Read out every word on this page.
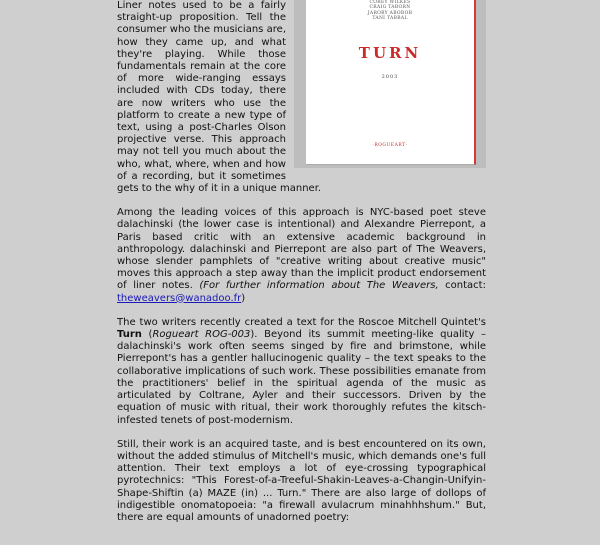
COREY WILKES
CRAIG TABORN
JAROBY ABOBOB
TANI TABBAL
TURN
2003
·ROGUEART·

Liner notes used to be a fairly straight-up proposition. Tell the consumer who the musicians are, how they came up, and what they're playing. While those fundamentals remain at the core of more wide-ranging essays included with CDs today, there are now writers who use the platform to create a new type of text, using a post-Charles Olson projective verse. This approach may not tell you much about the who, what, where, when and how of a recording, but it sometimes gets to the why of it in a unique manner.

Among the leading voices of this approach is NYC-based poet steve dalachinski (the lower case is intentional) and Alexandre Pierrepont, a Paris based critic with an extensive academic background in anthropology. dalachinski and Pierrepont are also part of The Weavers, whose slender pamphlets of "creative writing about creative music" moves this approach a step away than the implicit product endorsement of liner notes. (For further information about The Weavers, contact: theweavers@wanadoo.fr)

The two writers recently created a text for the Roscoe Mitchell Quintet's Turn (Rogueart ROG-003). Beyond its summit meeting-like quality – dalachinski's work often seems singed by fire and brimstone, while Pierrepont's has a gentler hallucinogenic quality – the text speaks to the collaborative implications of such work. These possibilities emanate from the practitioners' belief in the spiritual agenda of the music as articulated by Coltrane, Ayler and their successors. Driven by the equation of music with ritual, their work thoroughly refutes the kitsch-infested tenets of post-modernism.

Still, their work is an acquired taste, and is best encountered on its own, without the added stimulus of Mitchell's music, which demands one's full attention. Their text employs a lot of eye-crossing typographical pyrotechnics: "This Forest-of-a-Treeful-Shakin-Leaves-a-Changin-Unifyin-Shape-Shiftin (a) MAZE (in) ... Turn." There are also large of dollops of indigestible onomatopoeia: "a firewall avulacrum minahhhshum." But, there are equal amounts of unadorned poetry:
